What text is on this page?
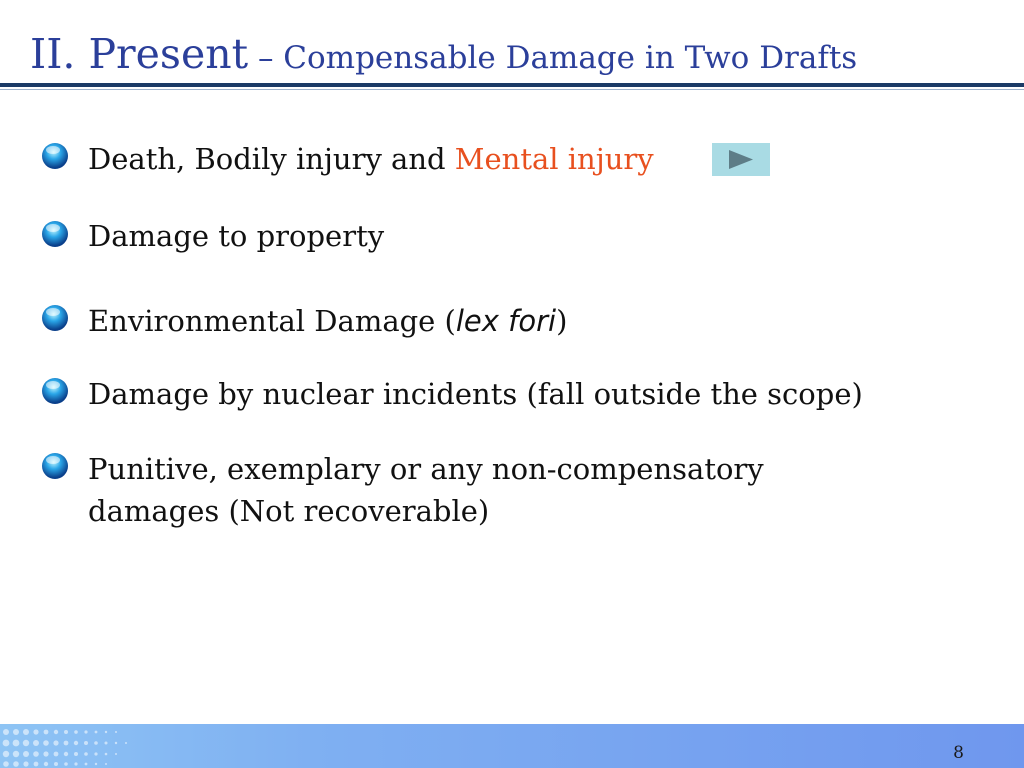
II. Present – Compensable Damage in Two Drafts
Death, Bodily injury and Mental injury
Damage to property
Environmental Damage (lex fori)
Damage by nuclear incidents (fall outside the scope)
Punitive, exemplary or any non-compensatory
damages (Not recoverable)
8
